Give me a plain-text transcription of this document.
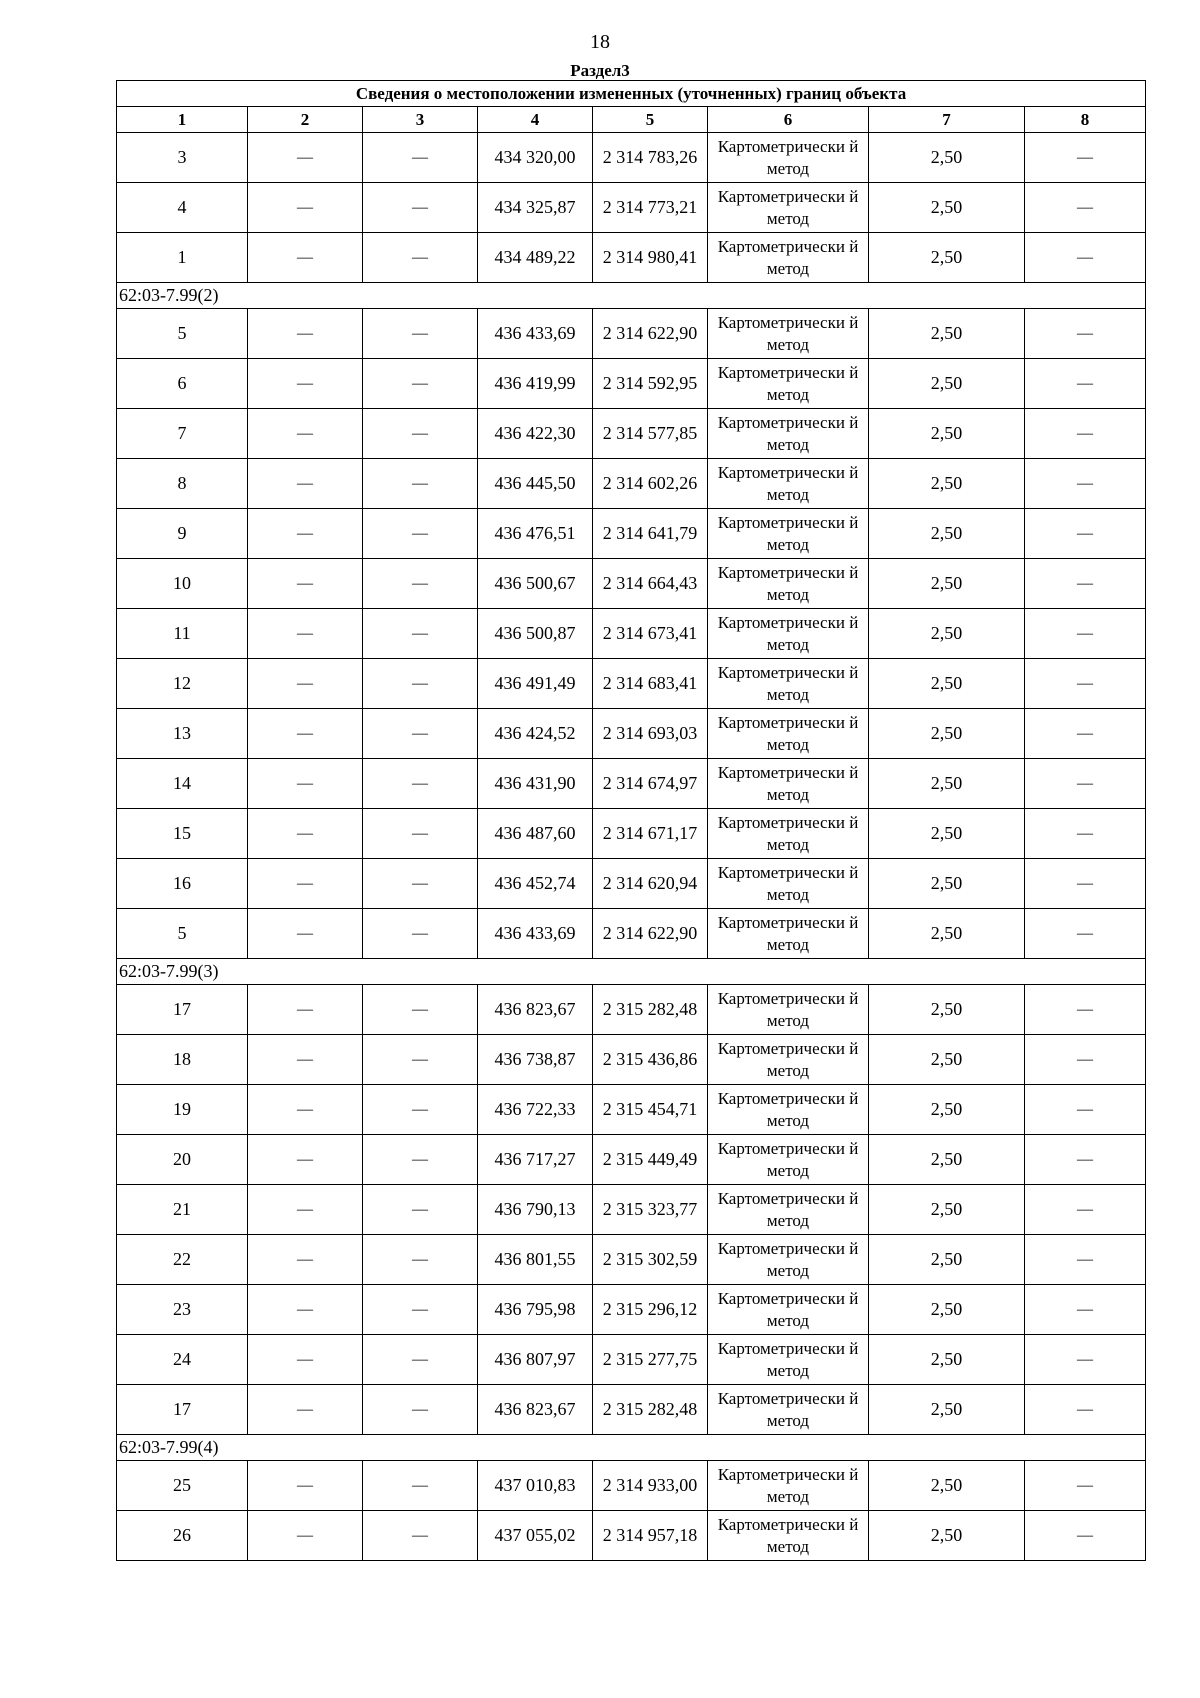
18
Раздел3
Сведения о местоположении измененных (уточненных) границ объекта							
1	2	3	4	5	6	7	8
3	—	—	434 320,00	2 314 783,26	Картометрически й метод	2,50	—
4	—	—	434 325,87	2 314 773,21	Картометрически й метод	2,50	—
1	—	—	434 489,22	2 314 980,41	Картометрически й метод	2,50	—
62:03-7.99(2)							
5	—	—	436 433,69	2 314 622,90	Картометрически й метод	2,50	—
6	—	—	436 419,99	2 314 592,95	Картометрически й метод	2,50	—
7	—	—	436 422,30	2 314 577,85	Картометрически й метод	2,50	—
8	—	—	436 445,50	2 314 602,26	Картометрически й метод	2,50	—
9	—	—	436 476,51	2 314 641,79	Картометрически й метод	2,50	—
10	—	—	436 500,67	2 314 664,43	Картометрически й метод	2,50	—
11	—	—	436 500,87	2 314 673,41	Картометрически й метод	2,50	—
12	—	—	436 491,49	2 314 683,41	Картометрически й метод	2,50	—
13	—	—	436 424,52	2 314 693,03	Картометрически й метод	2,50	—
14	—	—	436 431,90	2 314 674,97	Картометрически й метод	2,50	—
15	—	—	436 487,60	2 314 671,17	Картометрически й метод	2,50	—
16	—	—	436 452,74	2 314 620,94	Картометрически й метод	2,50	—
5	—	—	436 433,69	2 314 622,90	Картометрически й метод	2,50	—
62:03-7.99(3)							
17	—	—	436 823,67	2 315 282,48	Картометрически й метод	2,50	—
18	—	—	436 738,87	2 315 436,86	Картометрически й метод	2,50	—
19	—	—	436 722,33	2 315 454,71	Картометрически й метод	2,50	—
20	—	—	436 717,27	2 315 449,49	Картометрически й метод	2,50	—
21	—	—	436 790,13	2 315 323,77	Картометрически й метод	2,50	—
22	—	—	436 801,55	2 315 302,59	Картометрически й метод	2,50	—
23	—	—	436 795,98	2 315 296,12	Картометрически й метод	2,50	—
24	—	—	436 807,97	2 315 277,75	Картометрически й метод	2,50	—
17	—	—	436 823,67	2 315 282,48	Картометрически й метод	2,50	—
62:03-7.99(4)							
25	—	—	437 010,83	2 314 933,00	Картометрически й метод	2,50	—
26	—	—	437 055,02	2 314 957,18	Картометрически й метод	2,50	—
